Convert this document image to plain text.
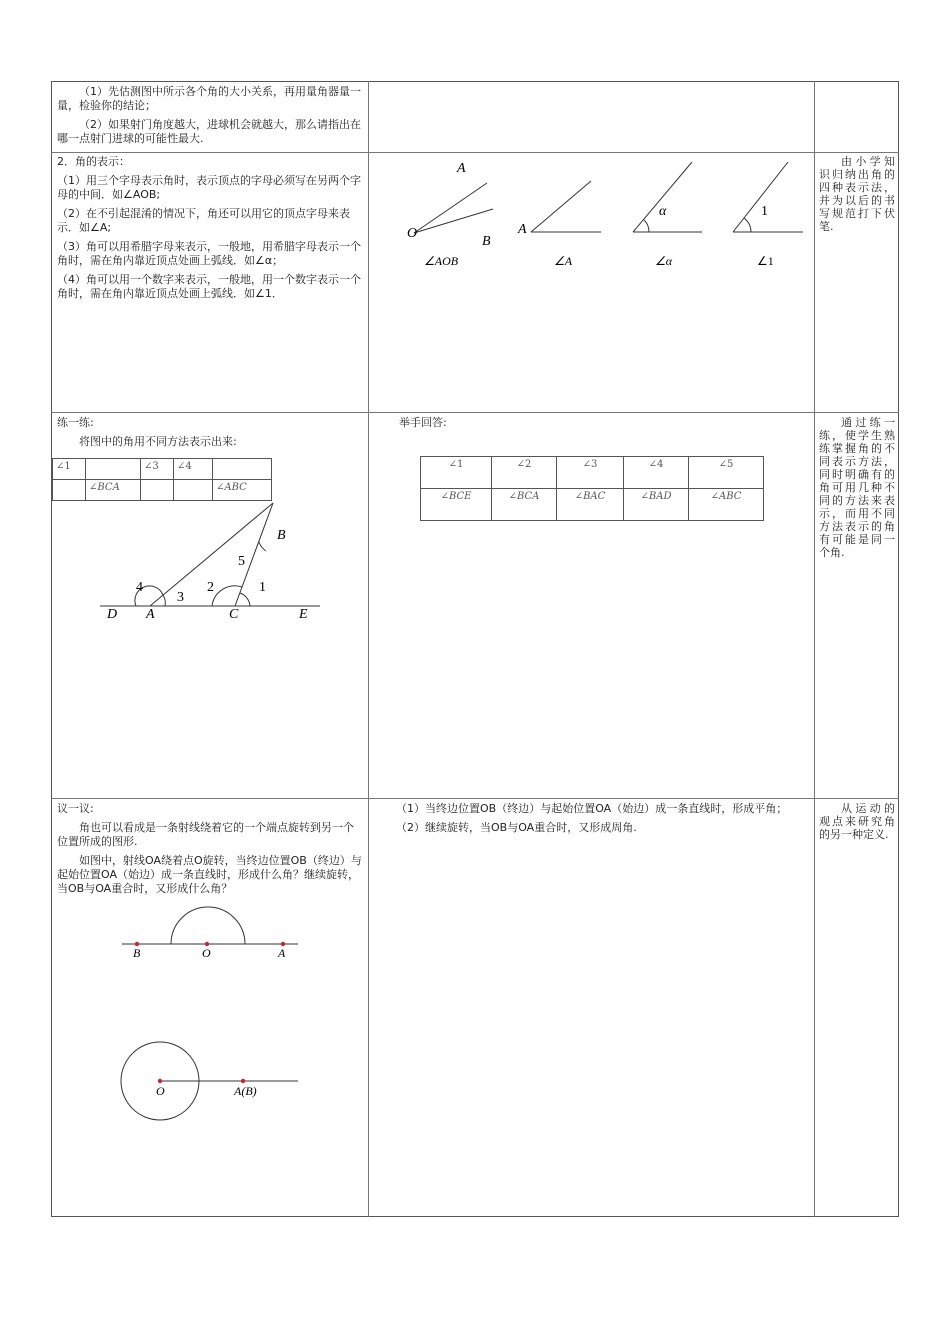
（1）先估测图中所示各个角的大小关系，再用量角器量一量，检验你的结论；

（2）如果射门角度越大，进球机会就越大，那么请指出在哪一点射门进球的可能性最大.

2．角的表示：

（1）用三个字母表示角时，表示顶点的字母必须写在另两个字母的中间．如∠AOB;

（2）在不引起混淆的情况下，角还可以用它的顶点字母来表示．如∠A;

（3）角可以用希腊字母来表示，一般地，用希腊字母表示一个角时，需在角内靠近顶点处画上弧线．如∠α；

（4）角可以用一个数字来表示，一般地，用一个数字表示一个角时，需在角内靠近顶点处画上弧线．如∠1．

A
O
B
∠AOB
A
∠A
α
∠α
1
∠1
由小学知识归纳出角的四种表示法，并为以后的书写规范打下伏笔.

练一练:

将图中的角用不同方法表示出来:

∠1		∠3	∠4	
	∠BCA			∠ABC
B
D A	C	E
1
2
3
4
5
举手回答:
∠1	∠2	∠3	∠4	∠5
∠BCE	∠BCA	∠BAC	∠BAD	∠ABC
通过练一练，使学生熟练掌握角的不同表示方法，同时明确有的角可用几种不同的方法来表示，而用不同方法表示的角有可能是同一个角.

议一议:

角也可以看成是一条射线绕着它的一个端点旋转到另一个位置所成的图形.

如图中，射线OA绕着点O旋转，当终边位置OB（终边）与起始位置OA（始边）成一条直线时，形成什么角？继续旋转，当OB与OA重合时，又形成什么角？

B	O	A
O	A(B)

（1）当终边位置OB（终边）与起始位置OA（始边）成一条直线时，形成平角；

（2）继续旋转，当OB与OA重合时，又形成周角.

从运动的观点来研究角的另一种定义.
